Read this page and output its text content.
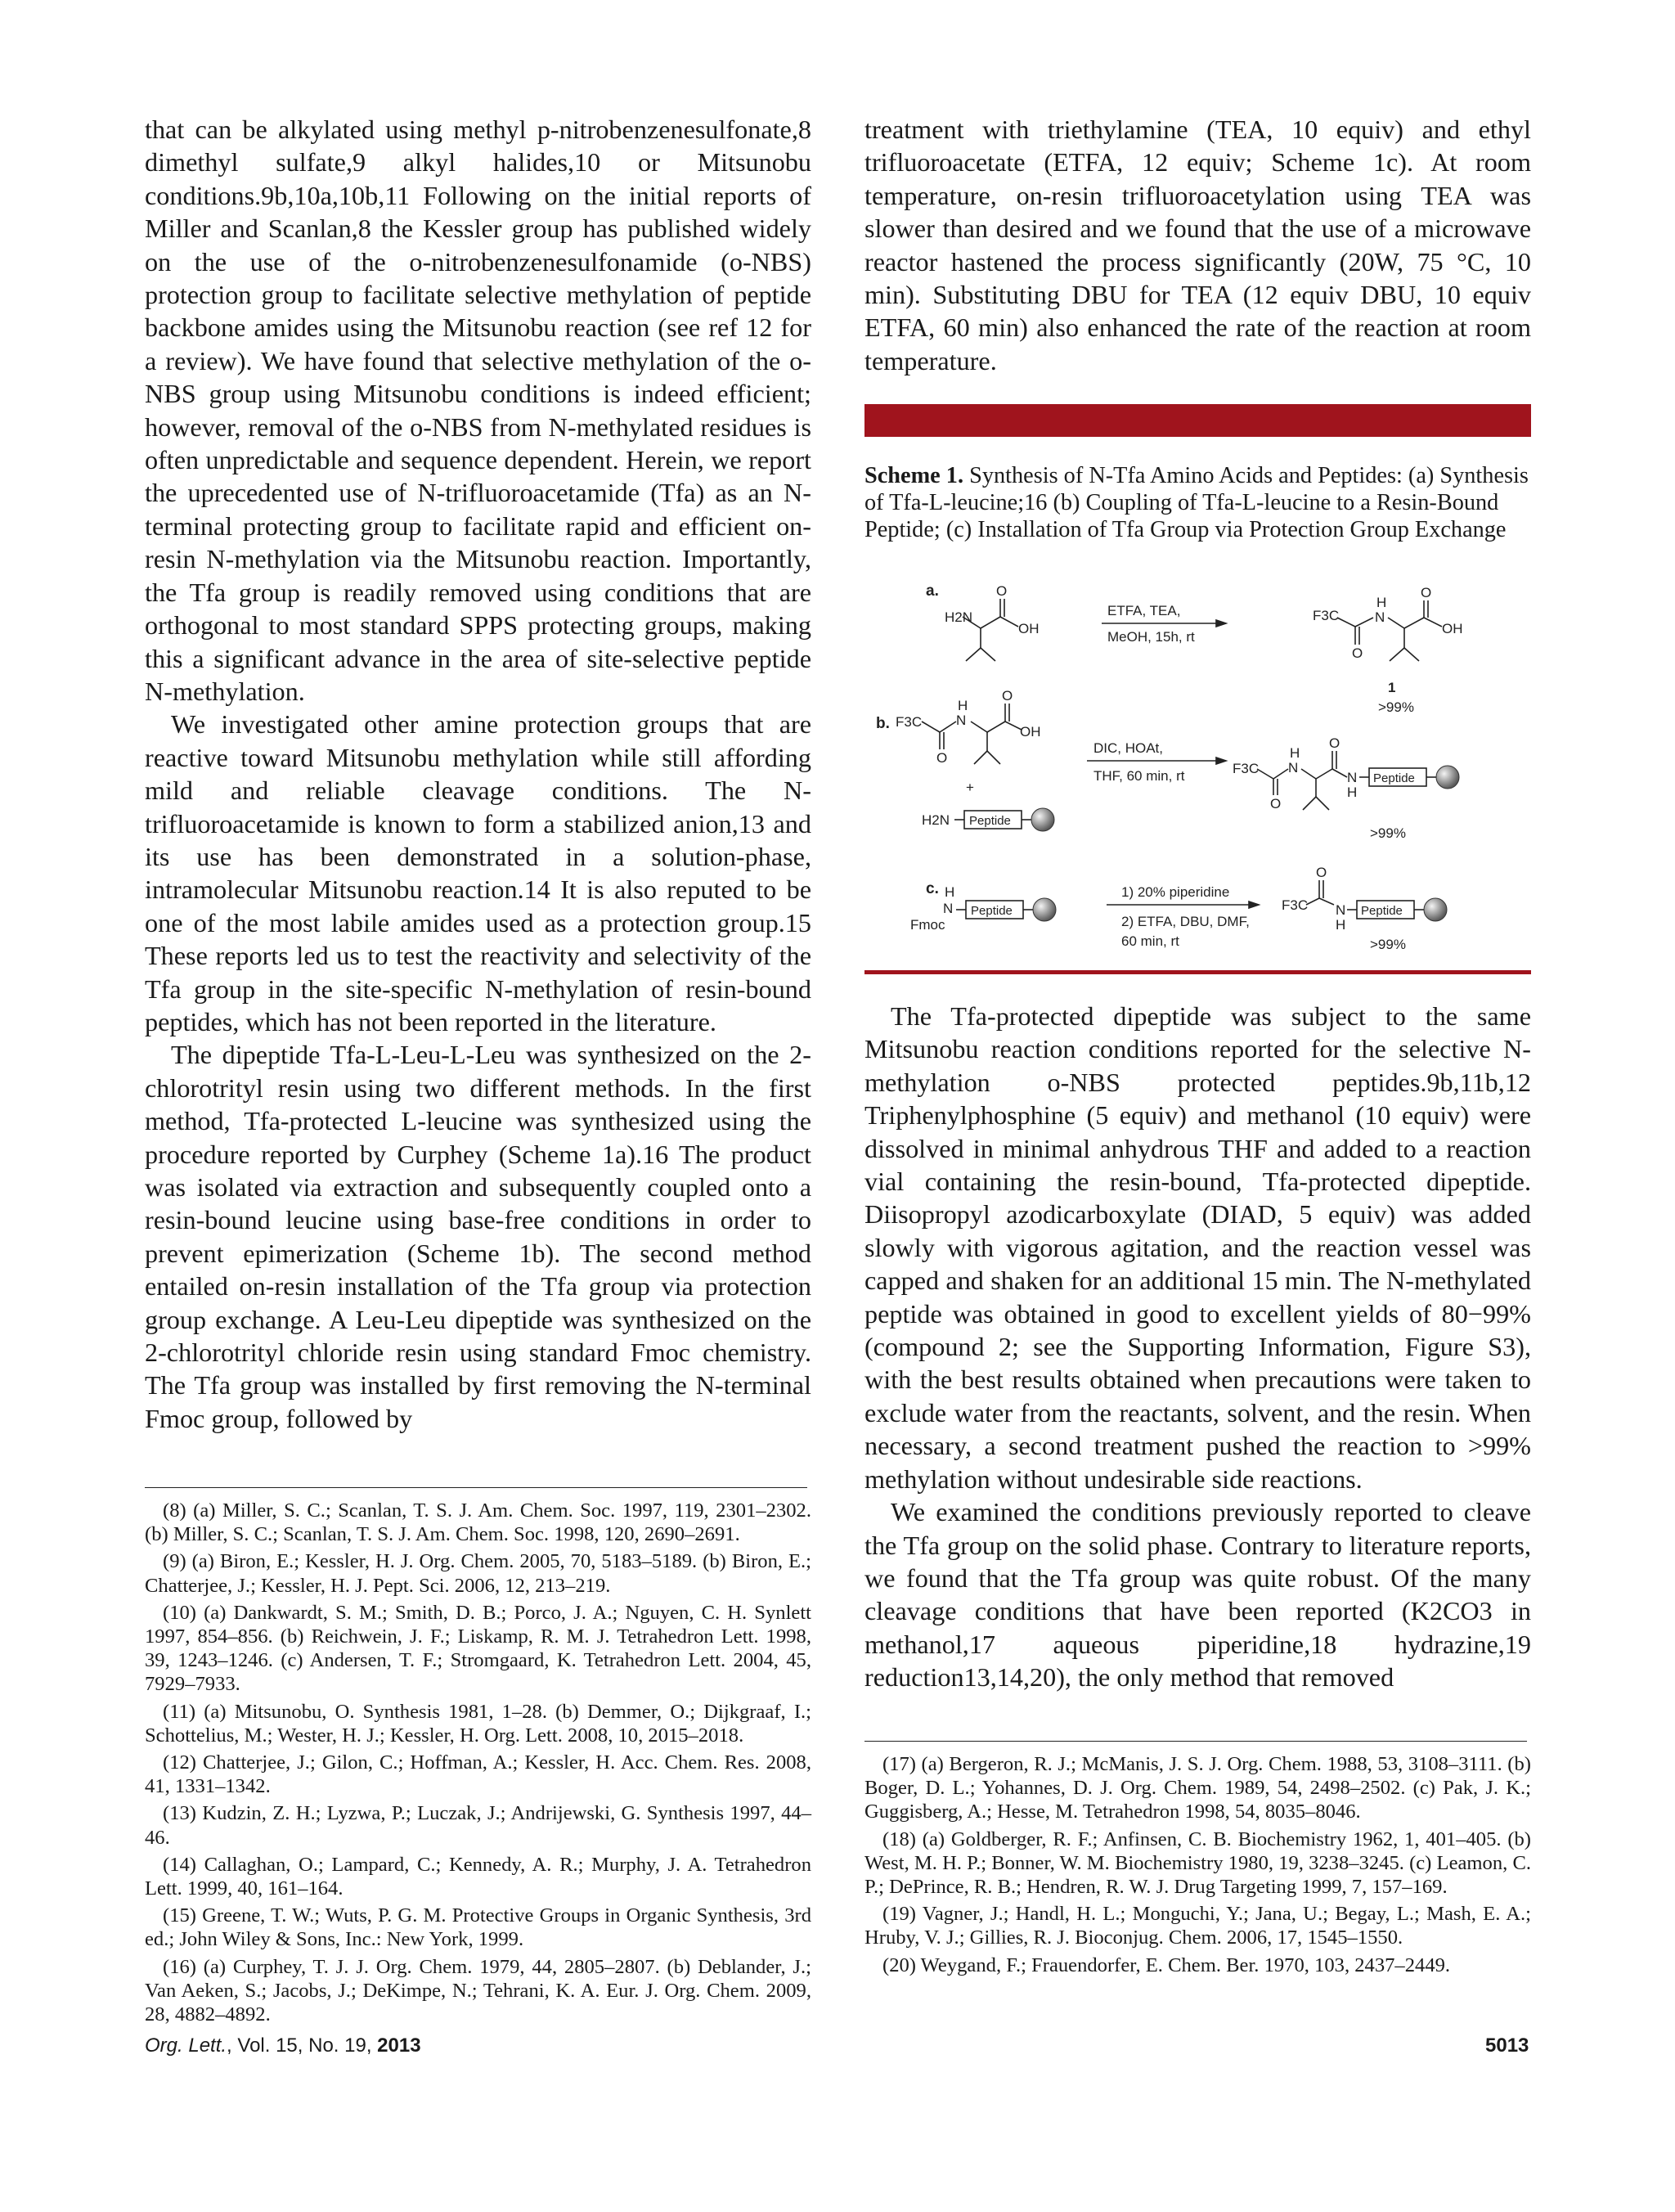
that can be alkylated using methyl p-nitrobenzenesulfonate,8 dimethyl sulfate,9 alkyl halides,10 or Mitsunobu conditions.9b,10a,10b,11 Following on the initial reports of Miller and Scanlan,8 the Kessler group has published widely on the use of the o-nitrobenzenesulfonamide (o-NBS) protection group to facilitate selective methylation of peptide backbone amides using the Mitsunobu reaction (see ref 12 for a review). We have found that selective methylation of the o-NBS group using Mitsunobu conditions is indeed efficient; however, removal of the o-NBS from N-methylated residues is often unpredictable and sequence dependent. Herein, we report the uprecedented use of N-trifluoroacetamide (Tfa) as an N-terminal protecting group to facilitate rapid and efficient on-resin N-methylation via the Mitsunobu reaction. Importantly, the Tfa group is readily removed using conditions that are orthogonal to most standard SPPS protecting groups, making this a significant advance in the area of site-selective peptide N-methylation.

We investigated other amine protection groups that are reactive toward Mitsunobu methylation while still affording mild and reliable cleavage conditions. The N-trifluoroacetamide is known to form a stabilized anion,13 and its use has been demonstrated in a solution-phase, intramolecular Mitsunobu reaction.14 It is also reputed to be one of the most labile amides used as a protection group.15 These reports led us to test the reactivity and selectivity of the Tfa group in the site-specific N-methylation of resin-bound peptides, which has not been reported in the literature.

The dipeptide Tfa-L-Leu-L-Leu was synthesized on the 2-chlorotrityl resin using two different methods. In the first method, Tfa-protected L-leucine was synthesized using the procedure reported by Curphey (Scheme 1a).16 The product was isolated via extraction and subsequently coupled onto a resin-bound leucine using base-free conditions in order to prevent epimerization (Scheme 1b). The second method entailed on-resin installation of the Tfa group via protection group exchange. A Leu-Leu dipeptide was synthesized on the 2-chlorotrityl chloride resin using standard Fmoc chemistry. The Tfa group was installed by first removing the N-terminal Fmoc group, followed by

(8) (a) Miller, S. C.; Scanlan, T. S. J. Am. Chem. Soc. 1997, 119, 2301–2302. (b) Miller, S. C.; Scanlan, T. S. J. Am. Chem. Soc. 1998, 120, 2690–2691.

(9) (a) Biron, E.; Kessler, H. J. Org. Chem. 2005, 70, 5183–5189. (b) Biron, E.; Chatterjee, J.; Kessler, H. J. Pept. Sci. 2006, 12, 213–219.

(10) (a) Dankwardt, S. M.; Smith, D. B.; Porco, J. A.; Nguyen, C. H. Synlett 1997, 854–856. (b) Reichwein, J. F.; Liskamp, R. M. J. Tetrahedron Lett. 1998, 39, 1243–1246. (c) Andersen, T. F.; Stromgaard, K. Tetrahedron Lett. 2004, 45, 7929–7933.

(11) (a) Mitsunobu, O. Synthesis 1981, 1–28. (b) Demmer, O.; Dijkgraaf, I.; Schottelius, M.; Wester, H. J.; Kessler, H. Org. Lett. 2008, 10, 2015–2018.

(12) Chatterjee, J.; Gilon, C.; Hoffman, A.; Kessler, H. Acc. Chem. Res. 2008, 41, 1331–1342.

(13) Kudzin, Z. H.; Lyzwa, P.; Luczak, J.; Andrijewski, G. Synthesis 1997, 44–46.

(14) Callaghan, O.; Lampard, C.; Kennedy, A. R.; Murphy, J. A. Tetrahedron Lett. 1999, 40, 161–164.

(15) Greene, T. W.; Wuts, P. G. M. Protective Groups in Organic Synthesis, 3rd ed.; John Wiley & Sons, Inc.: New York, 1999.

(16) (a) Curphey, T. J. J. Org. Chem. 1979, 44, 2805–2807. (b) Deblander, J.; Van Aeken, S.; Jacobs, J.; DeKimpe, N.; Tehrani, K. A. Eur. J. Org. Chem. 2009, 28, 4882–4892.

treatment with triethylamine (TEA, 10 equiv) and ethyl trifluoroacetate (ETFA, 12 equiv; Scheme 1c). At room temperature, on-resin trifluoroacetylation using TEA was slower than desired and we found that the use of a microwave reactor hastened the process significantly (20W, 75 °C, 10 min). Substituting DBU for TEA (12 equiv DBU, 10 equiv ETFA, 60 min) also enhanced the rate of the reaction at room temperature.

Scheme 1. Synthesis of N-Tfa Amino Acids and Peptides: (a) Synthesis of Tfa-L-leucine;16 (b) Coupling of Tfa-L-leucine to a Resin-Bound Peptide; (c) Installation of Tfa Group via Protection Group Exchange
a.
H2N
O
OH
ETFA, TEA,
MeOH, 15h, rt
F3C
O
H
N
O
OH
1
>99%
b. F3C
O
H
N
O
OH
+
H2N Peptide
DIC, HOAt,
THF, 60 min, rt	F3C
O
H
N
O
N
H
Peptide
>99%
c. H
N
Fmoc
Peptide
1) 20% piperidine
2) ETFA, DBU, DMF,
60 min, rt
F3C
O
N
H
Peptide
>99%

The Tfa-protected dipeptide was subject to the same Mitsunobu reaction conditions reported for the selective N-methylation o-NBS protected peptides.9b,11b,12 Triphenylphosphine (5 equiv) and methanol (10 equiv) were dissolved in minimal anhydrous THF and added to a reaction vial containing the resin-bound, Tfa-protected dipeptide. Diisopropyl azodicarboxylate (DIAD, 5 equiv) was added slowly with vigorous agitation, and the reaction vessel was capped and shaken for an additional 15 min. The N-methylated peptide was obtained in good to excellent yields of 80−99% (compound 2; see the Supporting Information, Figure S3), with the best results obtained when precautions were taken to exclude water from the reactants, solvent, and the resin. When necessary, a second treatment pushed the reaction to >99% methylation without undesirable side reactions.

We examined the conditions previously reported to cleave the Tfa group on the solid phase. Contrary to literature reports, we found that the Tfa group was quite robust. Of the many cleavage conditions that have been reported (K2CO3 in methanol,17 aqueous piperidine,18 hydrazine,19 reduction13,14,20), the only method that removed

(17) (a) Bergeron, R. J.; McManis, J. S. J. Org. Chem. 1988, 53, 3108–3111. (b) Boger, D. L.; Yohannes, D. J. Org. Chem. 1989, 54, 2498–2502. (c) Pak, J. K.; Guggisberg, A.; Hesse, M. Tetrahedron 1998, 54, 8035–8046.

(18) (a) Goldberger, R. F.; Anfinsen, C. B. Biochemistry 1962, 1, 401–405. (b) West, M. H. P.; Bonner, W. M. Biochemistry 1980, 19, 3238–3245. (c) Leamon, C. P.; DePrince, R. B.; Hendren, R. W. J. Drug Targeting 1999, 7, 157–169.

(19) Vagner, J.; Handl, H. L.; Monguchi, Y.; Jana, U.; Begay, L.; Mash, E. A.; Hruby, V. J.; Gillies, R. J. Bioconjug. Chem. 2006, 17, 1545–1550.

(20) Weygand, F.; Frauendorfer, E. Chem. Ber. 1970, 103, 2437–2449.

Org. Lett., Vol. 15, No. 19, 2013	5013
